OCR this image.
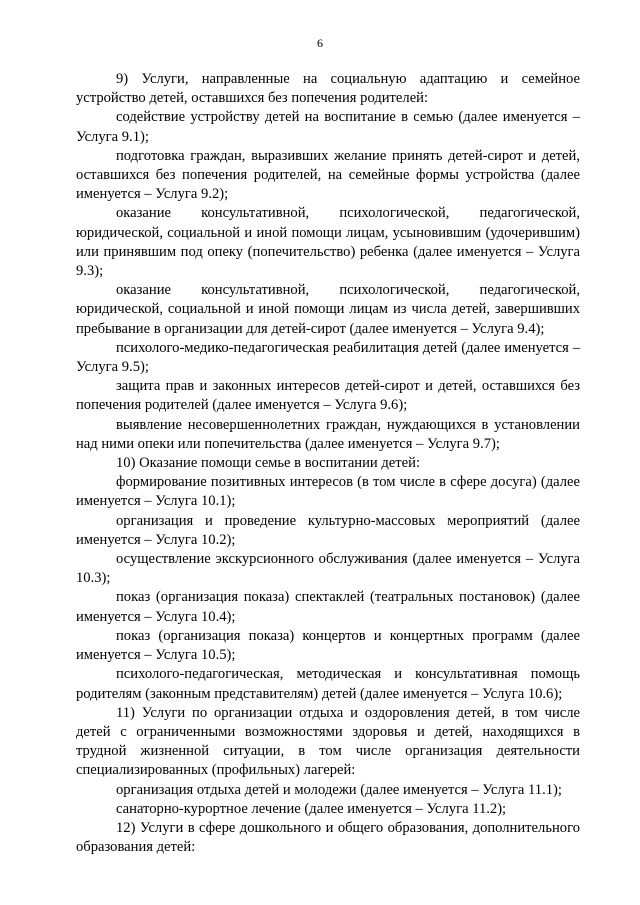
6

9) Услуги, направленные на социальную адаптацию и семейное устройство детей, оставшихся без попечения родителей:

содействие устройству детей на воспитание в семью (далее именуется – Услуга 9.1);

подготовка граждан, выразивших желание принять детей-сирот и детей, оставшихся без попечения родителей, на семейные формы устройства (далее именуется – Услуга 9.2);

оказание консультативной, психологической, педагогической, юридической, социальной и иной помощи лицам, усыновившим (удочерившим) или принявшим под опеку (попечительство) ребенка (далее именуется – Услуга 9.3);

оказание консультативной, психологической, педагогической, юридической, социальной и иной помощи лицам из числа детей, завершивших пребывание в организации для детей-сирот (далее именуется – Услуга 9.4);

психолого-медико-педагогическая реабилитация детей (далее именуется – Услуга 9.5);

защита прав и законных интересов детей-сирот и детей, оставшихся без попечения родителей (далее именуется – Услуга 9.6);

выявление несовершеннолетних граждан, нуждающихся в установлении над ними опеки или попечительства (далее именуется – Услуга 9.7);

10) Оказание помощи семье в воспитании детей:

формирование позитивных интересов (в том числе в сфере досуга) (далее именуется – Услуга 10.1);

организация и проведение культурно-массовых мероприятий (далее именуется – Услуга 10.2);

осуществление экскурсионного обслуживания (далее именуется – Услуга 10.3);

показ (организация показа) спектаклей (театральных постановок) (далее именуется – Услуга 10.4);

показ (организация показа) концертов и концертных программ (далее именуется – Услуга 10.5);

психолого-педагогическая, методическая и консультативная помощь родителям (законным представителям) детей (далее именуется – Услуга 10.6);

11) Услуги по организации отдыха и оздоровления детей, в том числе детей с ограниченными возможностями здоровья и детей, находящихся в трудной жизненной ситуации, в том числе организация деятельности специализированных (профильных) лагерей:

организация отдыха детей и молодежи (далее именуется – Услуга 11.1);

санаторно-курортное лечение (далее именуется – Услуга 11.2);

12) Услуги в сфере дошкольного и общего образования, дополнительного образования детей:
